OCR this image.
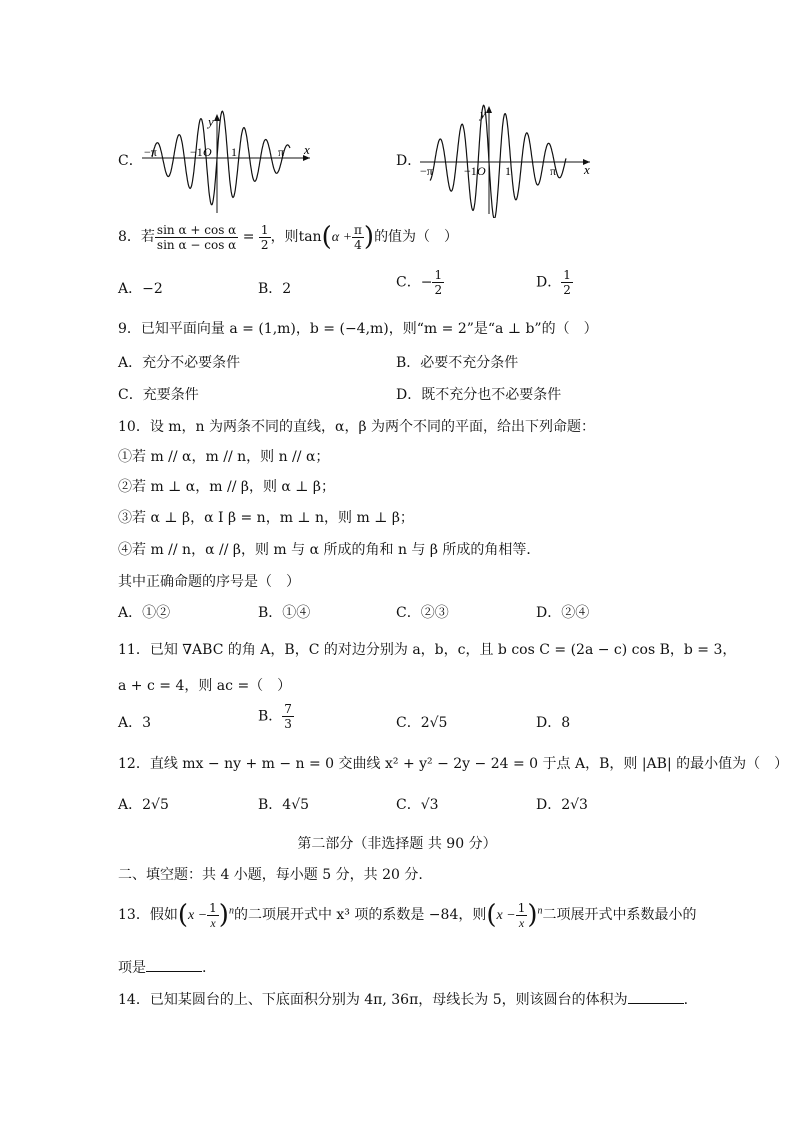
C．
y
x
−π	−1 O 1	π
D．
y
x
−π	−1 O 1	π
8．若 $\frac{\text{sin α + cos α}}{\text{sin α − cos α}} = \frac{1}{2}$ ，则$\tan(\alpha + \frac{\pi}{4}$ )的值为（　）
A．−2	B．2	C．− $\frac{1}{2}$	D． $\frac{1}{2}$
9．已知平面向量 a = (1,m)，b = (−4,m)，则“m = 2”是“a ⊥ b”的（　）
A．充分不必要条件	B．必要不充分条件
C．充要条件	D．既不充分也不必要条件
10．设 m，n 为两条不同的直线，α，β 为两个不同的平面，给出下列命题：
①若 m // α，m // n，则 n // α；
②若 m ⊥ α，m // β，则 α ⊥ β；
③若 α ⊥ β，α I β = n，m ⊥ n，则 m ⊥ β；
④若 m // n，α // β，则 m 与 α 所成的角和 n 与 β 所成的角相等．
其中正确命题的序号是（　）
A．①②	B．①④	C．②③	D．②④
11．已知 ∇ABC 的角 A，B，C 的对边分别为 a，b，c，且 b cos C = (2a − c) cos B，b = 3，
a + c = 4，则 ac =（　）
A．3	B． $\frac{7}{3}$	C．2√5	D．8
12．直线 mx − ny + m − n = 0 交曲线 x² + y² − 2y − 24 = 0 于点 A，B，则 |AB| 的最小值为（　）
A．2√5	B．4√5	C．√3	D．2√3
第二部分（非选择题 共 90 分）
二、填空题：共 4 小题，每小题 5 分，共 20 分.
13．假如$(x - \frac{1}{x} )^n$的二项展开式中 x³ 项的系数是 −84，则$(x - \frac{1}{x} )^n$二项展开式中系数最小的
项是	.
14．已知某圆台的上、下底面积分别为 4π, 36π，母线长为 5，则该圆台的体积为	.
